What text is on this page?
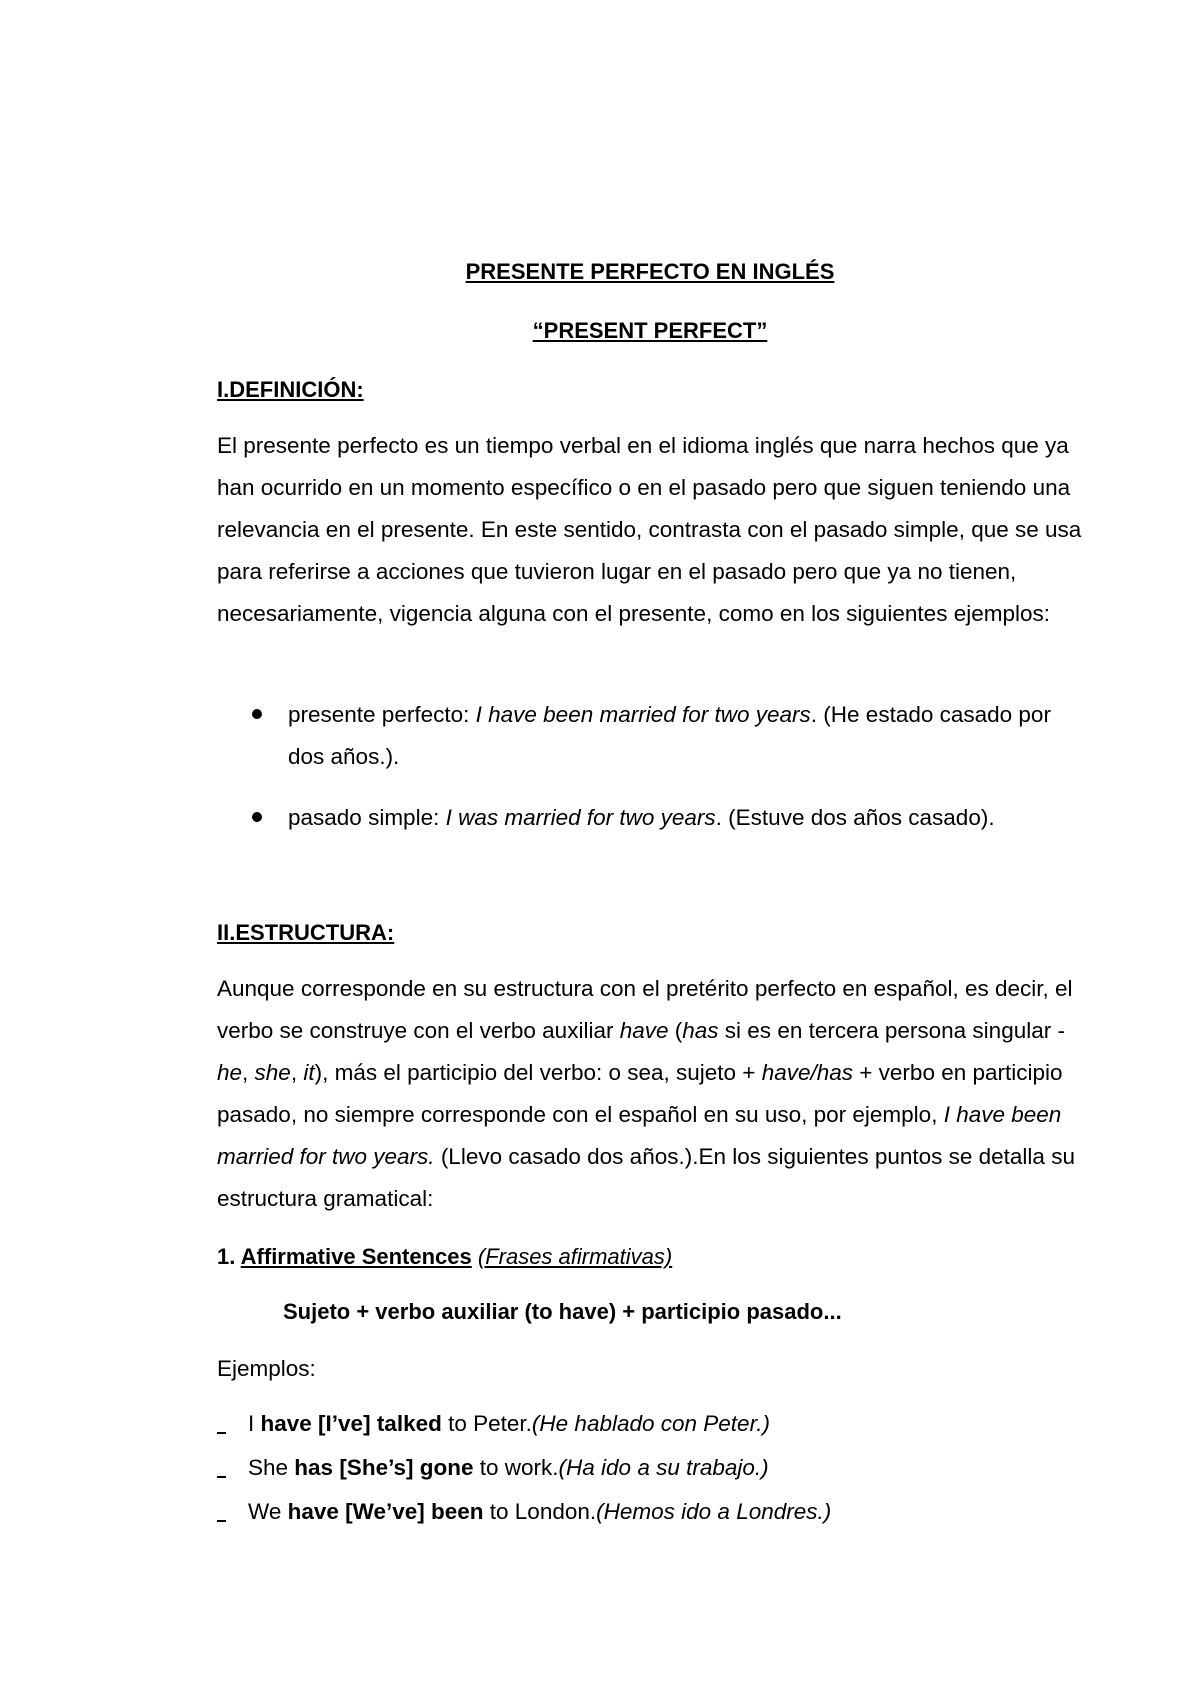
PRESENTE PERFECTO EN INGLÉS
“PRESENT PERFECT”
I.DEFINICIÓN:
El presente perfecto es un tiempo verbal en el idioma inglés que narra hechos que ya han ocurrido en un momento específico o en el pasado pero que siguen teniendo una relevancia en el presente. En este sentido, contrasta con el pasado simple, que se usa para referirse a acciones que tuvieron lugar en el pasado pero que ya no tienen, necesariamente, vigencia alguna con el presente, como en los siguientes ejemplos:
presente perfecto: I have been married for two years. (He estado casado por dos años.).
pasado simple: I was married for two years. (Estuve dos años casado).
II.ESTRUCTURA:
Aunque corresponde en su estructura con el pretérito perfecto en español, es decir, el verbo se construye con el verbo auxiliar have (has si es en tercera persona singular - he, she, it), más el participio del verbo: o sea, sujeto + have/has + verbo en participio pasado, no siempre corresponde con el español en su uso, por ejemplo, I have been married for two years. (Llevo casado dos años.).En los siguientes puntos se detalla su estructura gramatical:
1. Affirmative Sentences (Frases afirmativas)
Sujeto + verbo auxiliar (to have) + participio pasado...
Ejemplos:
I have [I’ve] talked to Peter.(He hablado con Peter.)
She has [She’s] gone to work.(Ha ido a su trabajo.)
We have [We’ve] been to London.(Hemos ido a Londres.)
